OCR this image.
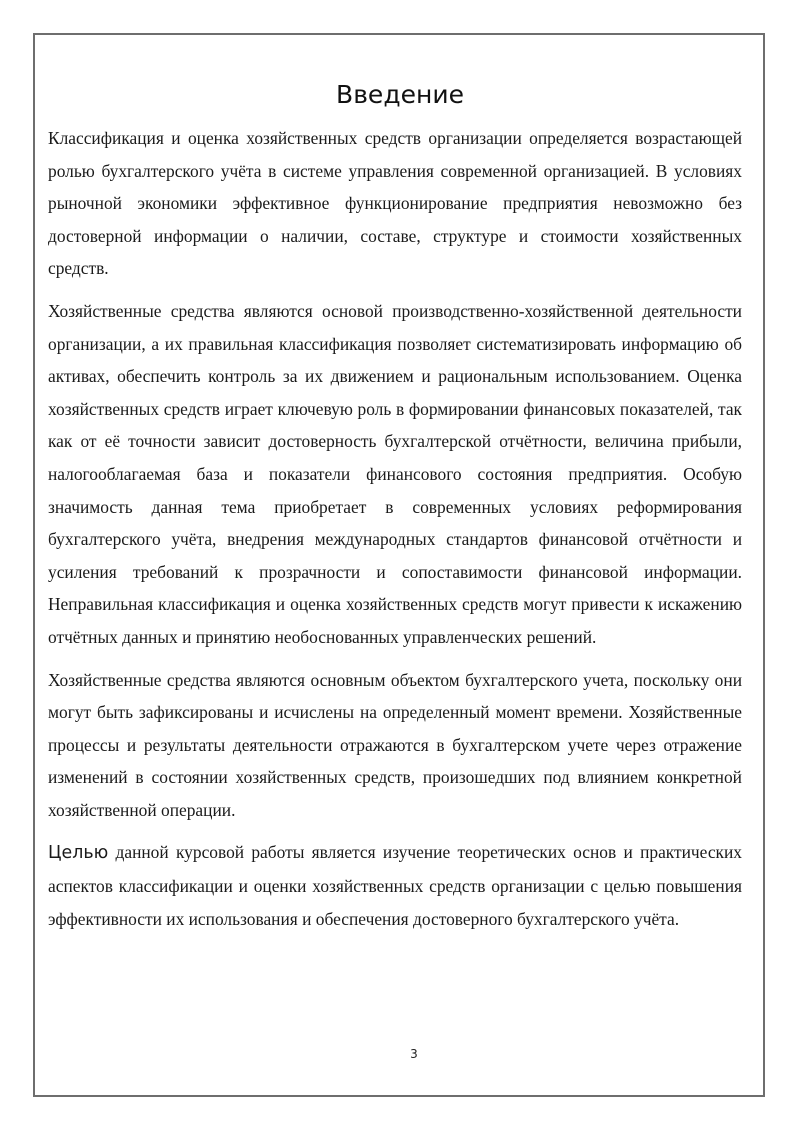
Введение

Классификация и оценка хозяйственных средств организации определяется возрастающей ролью бухгалтерского учёта в системе управления современной организацией. В условиях рыночной экономики эффективное функционирование предприятия невозможно без достоверной информации о наличии, составе, структуре и стоимости хозяйственных средств.

Хозяйственные средства являются основой производственно-хозяйственной деятельности организации, а их правильная классификация позволяет систематизировать информацию об активах, обеспечить контроль за их движением и рациональным использованием. Оценка хозяйственных средств играет ключевую роль в формировании финансовых показателей, так как от её точности зависит достоверность бухгалтерской отчётности, величина прибыли, налогооблагаемая база и показатели финансового состояния предприятия. Особую значимость данная тема приобретает в современных условиях реформирования бухгалтерского учёта, внедрения международных стандартов финансовой отчётности и усиления требований к прозрачности и сопоставимости финансовой информации. Неправильная классификация и оценка хозяйственных средств могут привести к искажению отчётных данных и принятию необоснованных управленческих решений.

Хозяйственные средства являются основным объектом бухгалтерского учета, поскольку они могут быть зафиксированы и исчислены на определенный момент времени. Хозяйственные процессы и результаты деятельности отражаются в бухгалтерском учете через отражение изменений в состоянии хозяйственных средств, произошедших под влиянием конкретной хозяйственной операции.

Целью данной курсовой работы является изучение теоретических основ и практических аспектов классификации и оценки хозяйственных средств организации с целью повышения эффективности их использования и обеспечения достоверного бухгалтерского учёта.

3
